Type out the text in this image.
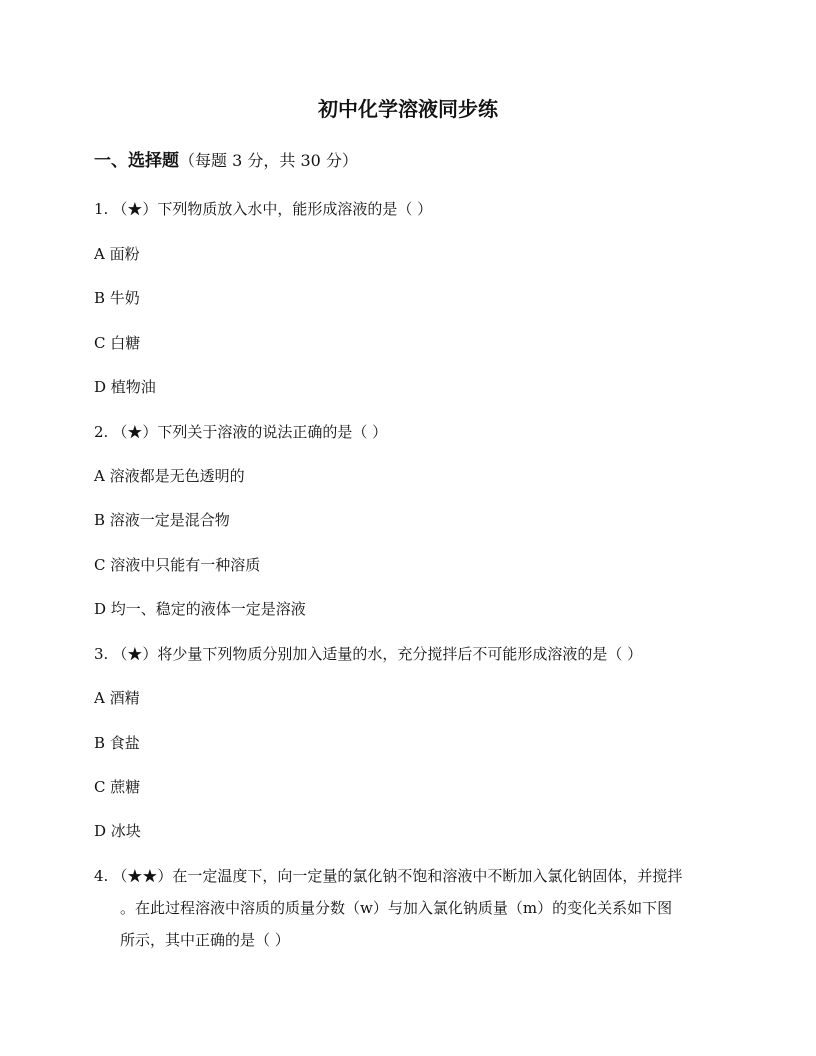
初中化学溶液同步练
一、选择题（每题 3 分，共 30 分）
1. （★）下列物质放入水中，能形成溶液的是（ ）
A 面粉
B 牛奶
C 白糖
D 植物油
2. （★）下列关于溶液的说法正确的是（ ）
A 溶液都是无色透明的
B 溶液一定是混合物
C 溶液中只能有一种溶质
D 均一、稳定的液体一定是溶液
3. （★）将少量下列物质分别加入适量的水，充分搅拌后不可能形成溶液的是（ ）
A 酒精
B 食盐
C 蔗糖
D 冰块
4. （★★）在一定温度下，向一定量的氯化钠不饱和溶液中不断加入氯化钠固体，并搅拌
。在此过程溶液中溶质的质量分数（w）与加入氯化钠质量（m）的变化关系如下图
所示，其中正确的是（ ）
